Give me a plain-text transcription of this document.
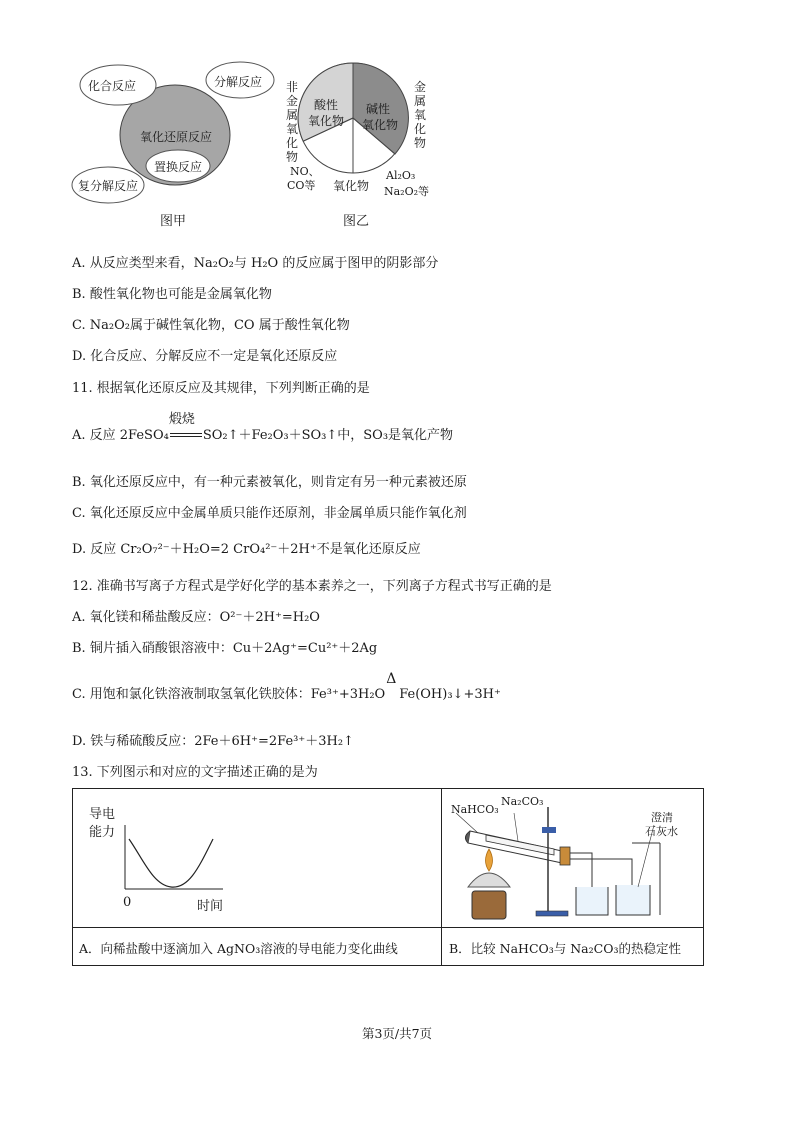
化合反应	分解反应
氧化还原反应
置换反应
复分解反应
图甲
非金属氧化物
金属氧化物
酸性
氧化物
碱性
氧化物
NO、
CO等 氧化物
Al₂O₃
Na₂O₂等
图乙
A. 从反应类型来看，Na₂O₂与 H₂O 的反应属于图甲的阴影部分
B. 酸性氧化物也可能是金属氧化物
C. Na₂O₂属于碱性氧化物，CO 属于酸性氧化物
D. 化合反应、分解反应不一定是氧化还原反应
11. 根据氧化还原反应及其规律，下列判断正确的是
A. 反应 2FeSO₄
煅烧
SO₂↑＋Fe₂O₃＋SO₃↑中，SO₃是氧化产物
B. 氧化还原反应中，有一种元素被氧化，则肯定有另一种元素被还原
C. 氧化还原反应中金属单质只能作还原剂，非金属单质只能作氧化剂
D. 反应 Cr₂O₇²⁻＋H₂O=2 CrO₄²⁻＋2H⁺不是氧化还原反应
12. 准确书写离子方程式是学好化学的基本素养之一，下列离子方程式书写正确的是
A. 氧化镁和稀盐酸反应：O²⁻＋2H⁺=H₂O
B. 铜片插入硝酸银溶液中：Cu＋2Ag⁺=Cu²⁺＋2Ag
C. 用饱和氯化铁溶液制取氢氧化铁胶体：Fe³⁺+3H₂O
Δ
Fe(OH)₃↓+3H⁺
D. 铁与稀硫酸反应：2Fe＋6H⁺=2Fe³⁺＋3H₂↑
13. 下列图示和对应的文字描述正确的是为
导电
能力
0	时间
NaHCO₃
Na₂CO₃
澄清
石灰水
A．向稀盐酸中逐滴加入 AgNO₃溶液的导电能力变化曲线	B．比较 NaHCO₃与 Na₂CO₃的热稳定性
第3页/共7页
